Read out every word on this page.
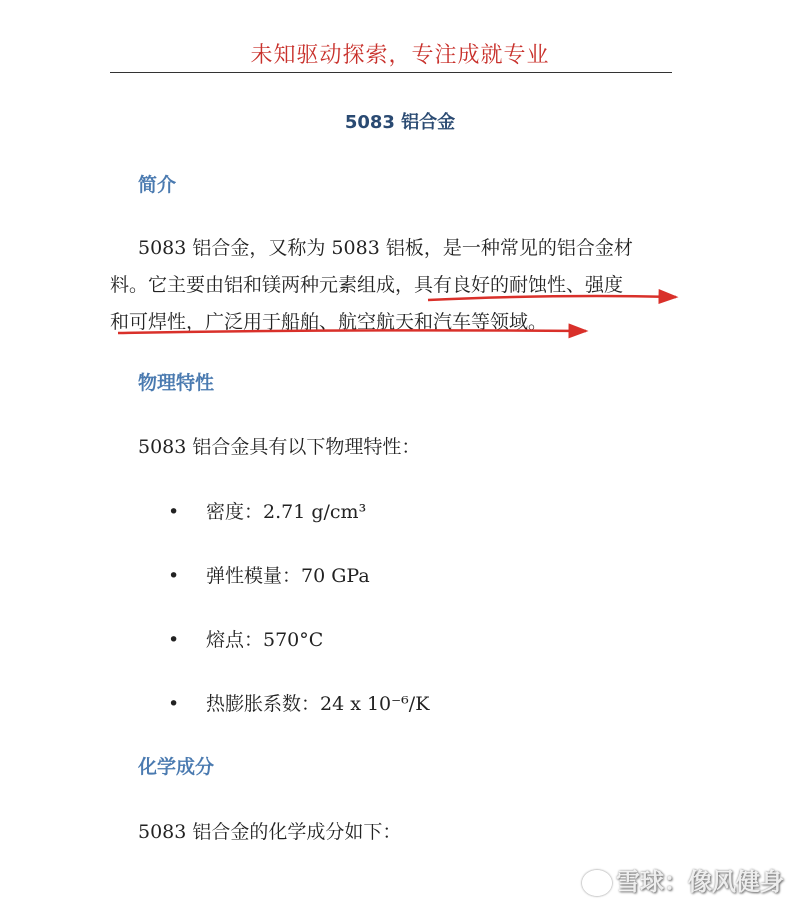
未知驱动探索，专注成就专业
5083 铝合金
简介
5083 铝合金，又称为 5083 铝板，是一种常见的铝合金材
料。它主要由铝和镁两种元素组成，具有良好的耐蚀性、强度
和可焊性，广泛用于船舶、航空航天和汽车等领域。
物理特性
5083 铝合金具有以下物理特性：
• 密度：2.71 g/cm³
• 弹性模量：70 GPa
• 熔点：570°C
• 热膨胀系数：24 x 10⁻⁶/K
化学成分
5083 铝合金的化学成分如下：
雪球：像风健身
